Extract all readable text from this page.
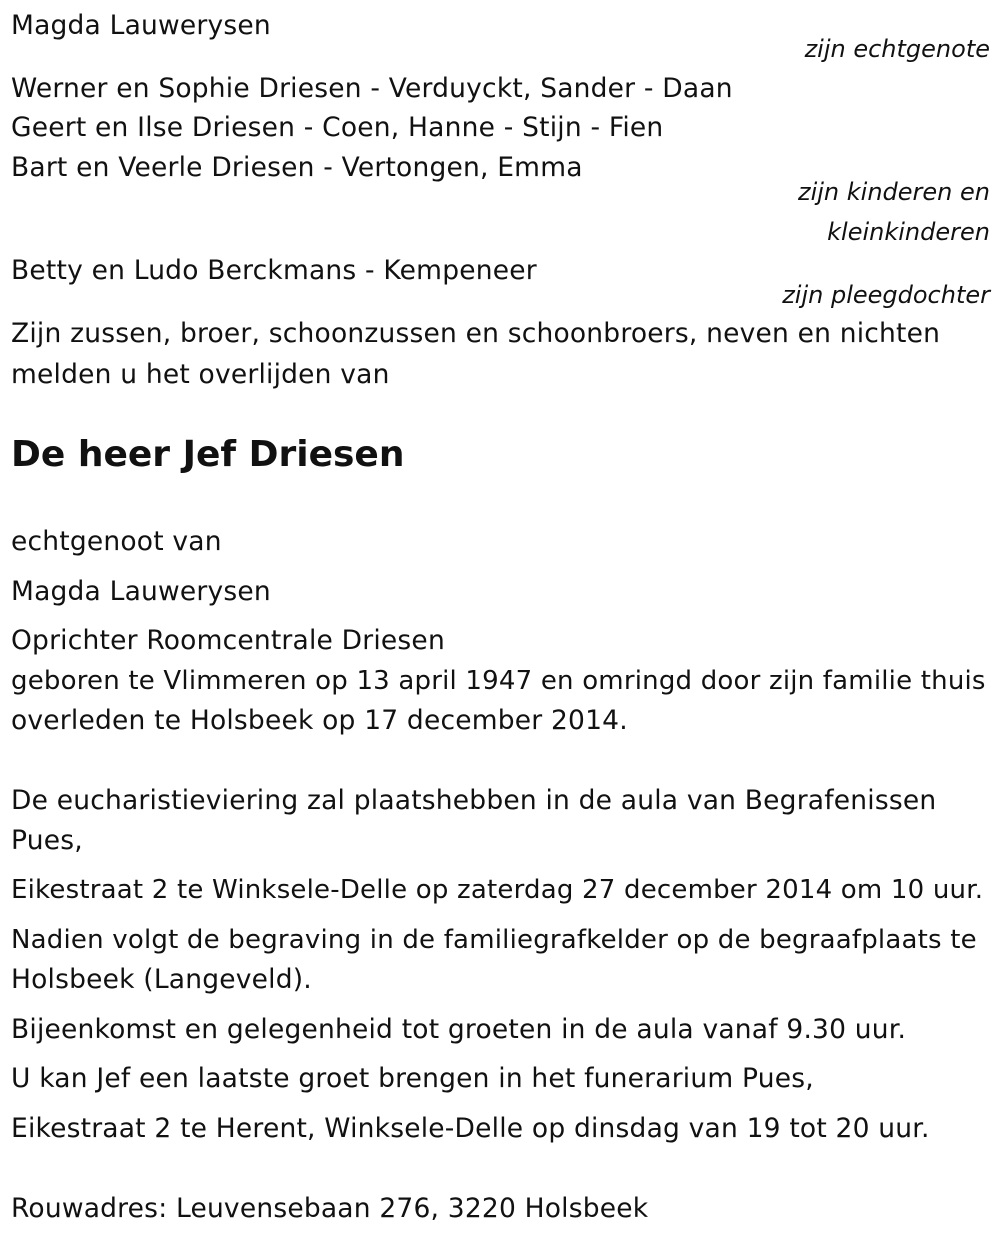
Magda Lauwerysen
zijn echtgenote
Werner en Sophie Driesen - Verduyckt, Sander - Daan
Geert en Ilse Driesen - Coen, Hanne - Stijn - Fien
Bart en Veerle Driesen - Vertongen, Emma
zijn kinderen en
kleinkinderen
Betty en Ludo Berckmans - Kempeneer
zijn pleegdochter
Zijn zussen, broer, schoonzussen en schoonbroers, neven en nichten
melden u het overlijden van
De heer Jef Driesen
echtgenoot van
Magda Lauwerysen
Oprichter Roomcentrale Driesen
geboren te Vlimmeren op 13 april 1947 en omringd door zijn familie thuis
overleden te Holsbeek op 17 december 2014.
De eucharistieviering zal plaatshebben in de aula van Begrafenissen
Pues,
Eikestraat 2 te Winksele-Delle op zaterdag 27 december 2014 om 10 uur.
Nadien volgt de begraving in de familiegrafkelder op de begraafplaats te
Holsbeek (Langeveld).
Bijeenkomst en gelegenheid tot groeten in de aula vanaf 9.30 uur.
U kan Jef een laatste groet brengen in het funerarium Pues,
Eikestraat 2 te Herent, Winksele-Delle op dinsdag van 19 tot 20 uur.
Rouwadres: Leuvensebaan 276, 3220 Holsbeek
